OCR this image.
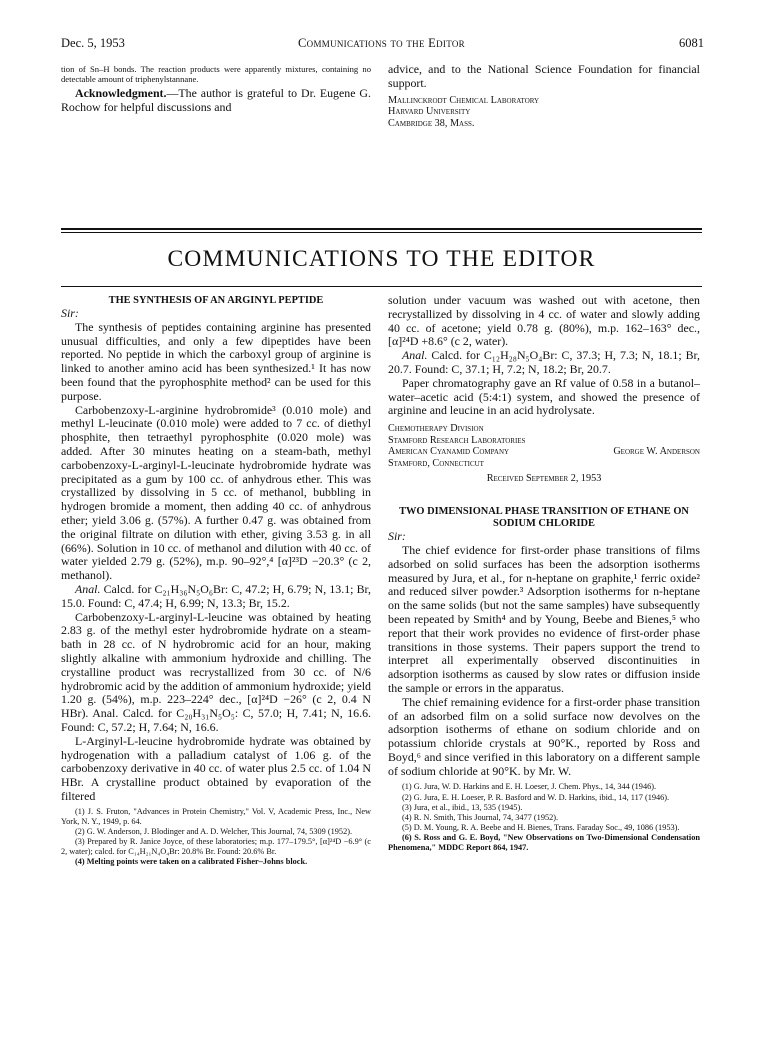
Dec. 5, 1953	Communications to the Editor	6081

tion of Sn–H bonds. The reaction products were apparently mixtures, containing no detectable amount of triphenylstannane.

Acknowledgment.—The author is grateful to Dr. Eugene G. Rochow for helpful discussions and

advice, and to the National Science Foundation for financial support.

Mallinckrodt Chemical Laboratory
Harvard University
Cambridge 38, Mass.
COMMUNICATIONS TO THE EDITOR

THE SYNTHESIS OF AN ARGINYL PEPTIDE

Sir:

The synthesis of peptides containing arginine has presented unusual difficulties, and only a few dipeptides have been reported. No peptide in which the carboxyl group of arginine is linked to another amino acid has been synthesized.¹ It has now been found that the pyrophosphite method² can be used for this purpose.

Carbobenzoxy-L-arginine hydrobromide³ (0.010 mole) and methyl L-leucinate (0.010 mole) were added to 7 cc. of diethyl phosphite, then tetraethyl pyrophosphite (0.020 mole) was added. After 30 minutes heating on a steam-bath, methyl carbobenzoxy-L-arginyl-L-leucinate hydrobromide hydrate was precipitated as a gum by 100 cc. of anhydrous ether. This was crystallized by dissolving in 5 cc. of methanol, bubbling in hydrogen bromide a moment, then adding 40 cc. of anhydrous ether; yield 3.06 g. (57%). A further 0.47 g. was obtained from the original filtrate on dilution with ether, giving 3.53 g. in all (66%). Solution in 10 cc. of methanol and dilution with 40 cc. of water yielded 2.79 g. (52%), m.p. 90–92°,⁴ [α]²³D −20.3° (c 2, methanol).

Anal. Calcd. for C₂₁H₃₆N₅O₆Br: C, 47.2; H, 6.79; N, 13.1; Br, 15.0. Found: C, 47.4; H, 6.99; N, 13.3; Br, 15.2.

Carbobenzoxy-L-arginyl-L-leucine was obtained by heating 2.83 g. of the methyl ester hydrobromide hydrate on a steam-bath in 28 cc. of N hydrobromic acid for an hour, making slightly alkaline with ammonium hydroxide and chilling. The crystalline product was recrystallized from 30 cc. of N/6 hydrobromic acid by the addition of ammonium hydroxide; yield 1.20 g. (54%), m.p. 223–224° dec., [α]²⁴D −26° (c 2, 0.4 N HBr). Anal. Calcd. for C₂₀H₃₁N₅O₅: C, 57.0; H, 7.41; N, 16.6. Found: C, 57.2; H, 7.64; N, 16.6.

L-Arginyl-L-leucine hydrobromide hydrate was obtained by hydrogenation with a palladium catalyst of 1.06 g. of the carbobenzoxy derivative in 40 cc. of water plus 2.5 cc. of 1.04 N HBr. A crystalline product obtained by evaporation of the filtered

(1) J. S. Fruton, "Advances in Protein Chemistry," Vol. V, Academic Press, Inc., New York, N. Y., 1949, p. 64.

(2) G. W. Anderson, J. Blodinger and A. D. Welcher, This Journal, 74, 5309 (1952).

(3) Prepared by R. Janice Joyce, of these laboratories; m.p. 177–179.5°, [α]²⁴D −6.9° (c 2, water); calcd. for C₁₄H₂₁N₄O₄Br: 20.8% Br. Found: 20.6% Br.

(4) Melting points were taken on a calibrated Fisher–Johns block.

solution under vacuum was washed out with acetone, then recrystallized by dissolving in 4 cc. of water and slowly adding 40 cc. of acetone; yield 0.78 g. (80%), m.p. 162–163° dec., [α]²⁴D +8.6° (c 2, water).

Anal. Calcd. for C₁₂H₂₈N₅O₄Br: C, 37.3; H, 7.3; N, 18.1; Br, 20.7. Found: C, 37.1; H, 7.2; N, 18.2; Br, 20.7.

Paper chromatography gave an Rf value of 0.58 in a butanol–water–acetic acid (5:4:1) system, and showed the presence of arginine and leucine in an acid hydrolysate.

Chemotherapy Division
Stamford Research Laboratories
American Cyanamid Company	George W. Anderson
Stamford, Connecticut
Received September 2, 1953

TWO DIMENSIONAL PHASE TRANSITION OF ETHANE ON SODIUM CHLORIDE

Sir:

The chief evidence for first-order phase transitions of films adsorbed on solid surfaces has been the adsorption isotherms measured by Jura, et al., for n-heptane on graphite,¹ ferric oxide² and reduced silver powder.³ Adsorption isotherms for n-heptane on the same solids (but not the same samples) have subsequently been repeated by Smith⁴ and by Young, Beebe and Bienes,⁵ who report that their work provides no evidence of first-order phase transitions in those systems. Their papers support the trend to interpret all experimentally observed discontinuities in adsorption isotherms as caused by slow rates or diffusion inside the sample or errors in the apparatus.

The chief remaining evidence for a first-order phase transition of an adsorbed film on a solid surface now devolves on the adsorption isotherms of ethane on sodium chloride and on potassium chloride crystals at 90°K., reported by Ross and Boyd,⁶ and since verified in this laboratory on a different sample of sodium chloride at 90°K. by Mr. W.

(1) G. Jura, W. D. Harkins and E. H. Loeser, J. Chem. Phys., 14, 344 (1946).

(2) G. Jura, E. H. Loeser, P. R. Basford and W. D. Harkins, ibid., 14, 117 (1946).

(3) Jura, et al., ibid., 13, 535 (1945).

(4) R. N. Smith, This Journal, 74, 3477 (1952).

(5) D. M. Young, R. A. Beebe and H. Bienes, Trans. Faraday Soc., 49, 1086 (1953).

(6) S. Ross and G. E. Boyd, "New Observations on Two-Dimensional Condensation Phenomena," MDDC Report 864, 1947.
